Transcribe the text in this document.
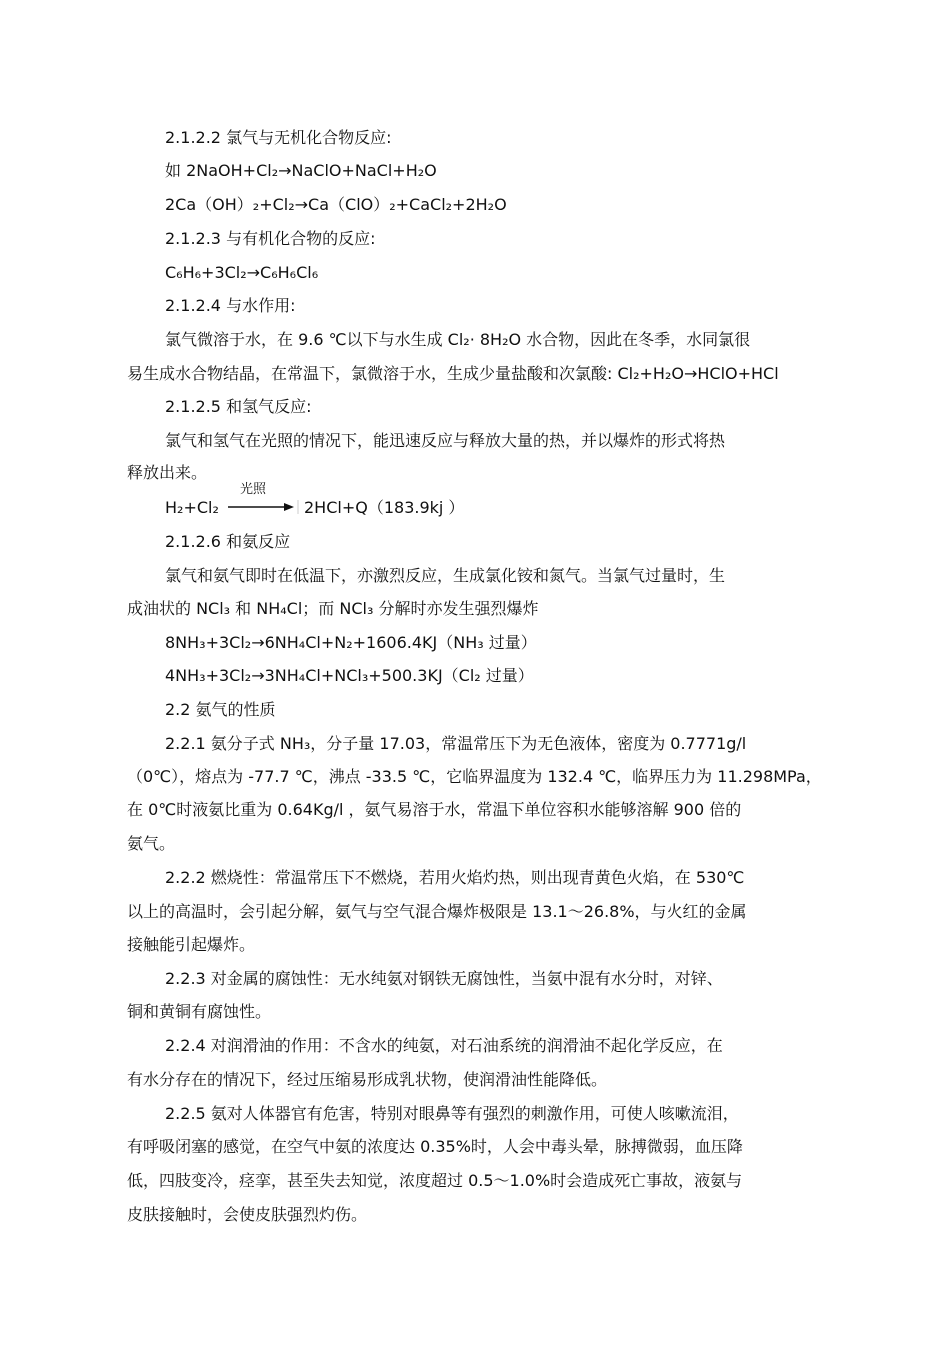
2.1.2.2 氯气与无机化合物反应:
如 2NaOH+Cl₂→NaClO+NaCl+H₂O
2Ca（OH）₂+Cl₂→Ca（ClO）₂+CaCl₂+2H₂O
2.1.2.3 与有机化合物的反应:
C₆H₆+3Cl₂→C₆H₆Cl₆
2.1.2.4 与水作用:
氯气微溶于水，在 9.6 ℃以下与水生成 Cl₂· 8H₂O 水合物，因此在冬季，水同氯很
易生成水合物结晶，在常温下，氯微溶于水，生成少量盐酸和次氯酸: Cl₂+H₂O→HClO+HCl
2.1.2.5 和氢气反应:
氯气和氢气在光照的情况下，能迅速反应与释放大量的热，并以爆炸的形式将热
释放出来。
H₂+Cl₂
光照
2HCl+Q（183.9kj ）
2.1.2.6 和氨反应
氯气和氨气即时在低温下，亦激烈反应，生成氯化铵和氮气。当氯气过量时，生
成油状的 NCl₃ 和 NH₄Cl；而 NCl₃ 分解时亦发生强烈爆炸
8NH₃+3Cl₂→6NH₄Cl+N₂+1606.4KJ（NH₃ 过量）
4NH₃+3Cl₂→3NH₄Cl+NCl₃+500.3KJ（Cl₂ 过量）
2.2 氨气的性质
2.2.1 氨分子式 NH₃，分子量 17.03，常温常压下为无色液体，密度为 0.7771g/l
（0℃），熔点为 -77.7 ℃，沸点 -33.5 ℃，它临界温度为 132.4 ℃，临界压力为 11.298MPa，
在 0℃时液氨比重为 0.64Kg/l ，氨气易溶于水，常温下单位容积水能够溶解 900 倍的
氨气。
2.2.2 燃烧性：常温常压下不燃烧，若用火焰灼热，则出现青黄色火焰，在 530℃
以上的高温时，会引起分解，氨气与空气混合爆炸极限是 13.1～26.8%，与火红的金属
接触能引起爆炸。
2.2.3 对金属的腐蚀性：无水纯氨对钢铁无腐蚀性，当氨中混有水分时，对锌、
铜和黄铜有腐蚀性。
2.2.4 对润滑油的作用：不含水的纯氨，对石油系统的润滑油不起化学反应，在
有水分存在的情况下，经过压缩易形成乳状物，使润滑油性能降低。
2.2.5 氨对人体器官有危害，特别对眼鼻等有强烈的刺激作用，可使人咳嗽流泪，
有呼吸闭塞的感觉，在空气中氨的浓度达 0.35%时，人会中毒头晕，脉搏微弱，血压降
低，四肢变冷，痉挛，甚至失去知觉，浓度超过 0.5～1.0%时会造成死亡事故，液氨与
皮肤接触时，会使皮肤强烈灼伤。
